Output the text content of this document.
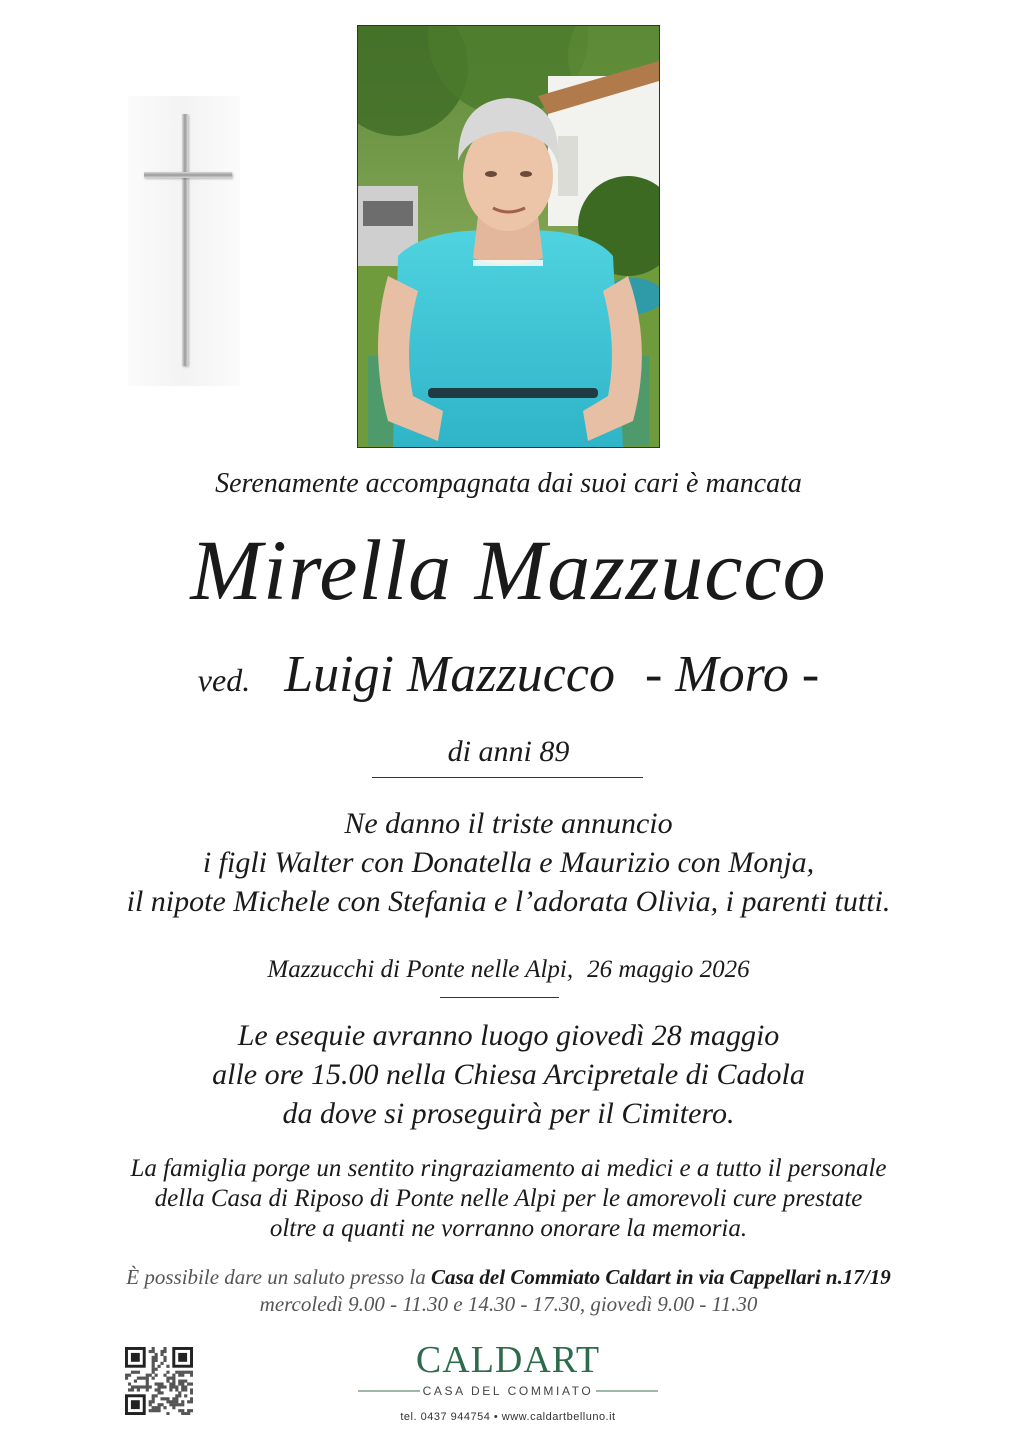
Serenamente accompagnata dai suoi cari è mancata
Mirella Mazzucco
ved. Luigi Mazzucco - Moro -
di anni 89
Ne danno il triste annuncio
i figli Walter con Donatella e Maurizio con Monja,
il nipote Michele con Stefania e l’adorata Olivia, i parenti tutti.
Mazzucchi di Ponte nelle Alpi, 26 maggio 2026
Le esequie avranno luogo giovedì 28 maggio
alle ore 15.00 nella Chiesa Arcipretale di Cadola
da dove si proseguirà per il Cimitero.
La famiglia porge un sentito ringraziamento ai medici e a tutto il personale
della Casa di Riposo di Ponte nelle Alpi per le amorevoli cure prestate
oltre a quanti ne vorranno onorare la memoria.
È possibile dare un saluto presso la Casa del Commiato Caldart in via Cappellari n.17/19
mercoledì 9.00 - 11.30 e 14.30 - 17.30, giovedì 9.00 - 11.30
CALDART
CASA DEL COMMIATO
tel. 0437 944754 • www.caldartbelluno.it
